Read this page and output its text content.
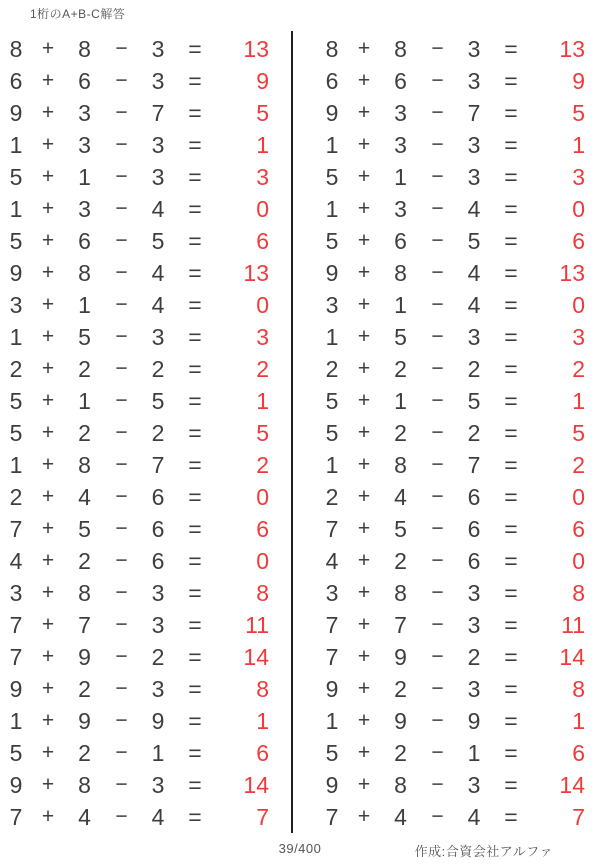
1桁のA+B-C解答
8 +	8	−	3	=	13
6 +	6	−	3	=	9
9 +	3	−	7	=	5
1 +	3	−	3	=	1
5 +	1	−	3	=	3
1 +	3	−	4	=	0
5 +	6	−	5	=	6
9 +	8	−	4	=	13
3 +	1	−	4	=	0
1 +	5	−	3	=	3
2 +	2	−	2	=	2
5 +	1	−	5	=	1
5 +	2	−	2	=	5
1 +	8	−	7	=	2
2 +	4	−	6	=	0
7 +	5	−	6	=	6
4 +	2	−	6	=	0
3 +	8	−	3	=	8
7 +	7	−	3	=	11
7 +	9	−	2	=	14
9 +	2	−	3	=	8
1 +	9	−	9	=	1
5 +	2	−	1	=	6
9 +	8	−	3	=	14
7 +	4	−	4	=	7
8 +	8	−	3	=	13
6 +	6	−	3	=	9
9 +	3	−	7	=	5
1 +	3	−	3	=	1
5 +	1	−	3	=	3
1 +	3	−	4	=	0
5 +	6	−	5	=	6
9 +	8	−	4	=	13
3 +	1	−	4	=	0
1 +	5	−	3	=	3
2 +	2	−	2	=	2
5 +	1	−	5	=	1
5 +	2	−	2	=	5
1 +	8	−	7	=	2
2 +	4	−	6	=	0
7 +	5	−	6	=	6
4 +	2	−	6	=	0
3 +	8	−	3	=	8
7 +	7	−	3	=	11
7 +	9	−	2	=	14
9 +	2	−	3	=	8
1 +	9	−	9	=	1
5 +	2	−	1	=	6
9 +	8	−	3	=	14
7 +	4	−	4	=	7
39/400	作成:合資会社アルファ
